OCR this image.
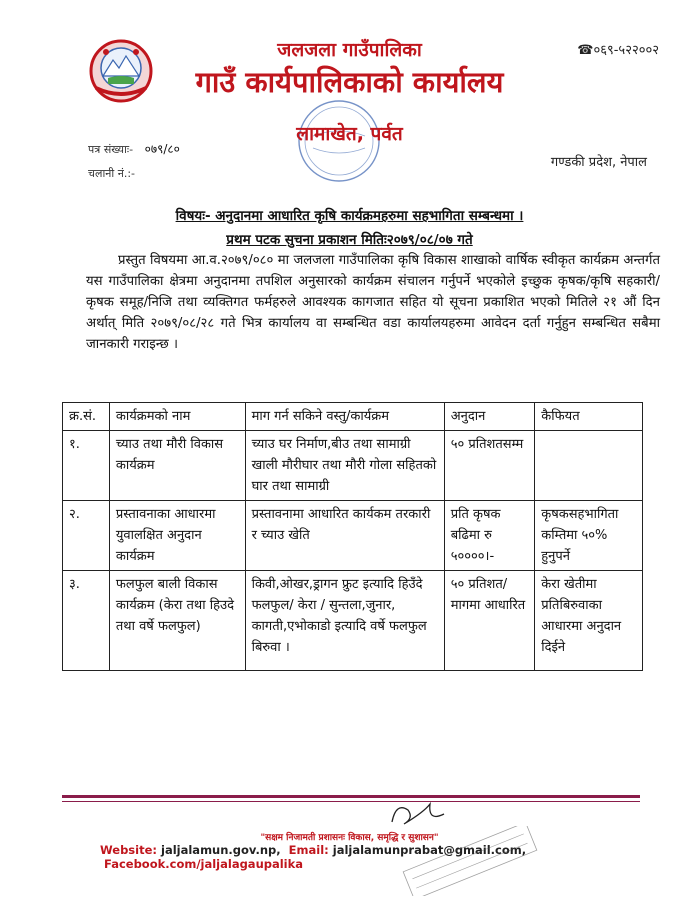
जलजला गाउँपालिका
गाउँ कार्यपालिकाको कार्यालय
☎०६९-५२२००२
लामाखेत, पर्वत
पत्र संख्याः- ०७९/८०
चलानी नं.:-
गण्डकी प्रदेश, नेपाल
विषयः- अनुदानमा आधारित कृषि कार्यक्रमहरुमा सहभागिता सम्बन्धमा ।
प्रथम पटक सुचना प्रकाशन मितिः२०७९/०८/०७ गते
प्रस्तुत विषयमा आ.व.२०७९/०८० मा जलजला गाउँपालिका कृषि विकास शाखाको वार्षिक स्वीकृत कार्यक्रम अन्तर्गत यस गाउँपालिका क्षेत्रमा अनुदानमा तपशिल अनुसारको कार्यक्रम संचालन गर्नुपर्ने भएकोले इच्छुक कृषक/कृषि सहकारी/कृषक समूह/निजि तथा व्यक्तिगत फर्महरुले आवश्यक कागजात सहित यो सूचना प्रकाशित भएको मितिले २१ औं दिन अर्थात् मिति २०७९/०८/२८ गते भित्र कार्यालय वा सम्बन्धित वडा कार्यालयहरुमा आवेदन दर्ता गर्नुहुन सम्बन्धित सबैमा जानकारी गराइन्छ ।
क्र.सं.	कार्यक्रमको नाम	माग गर्न सकिने वस्तु/कार्यक्रम	अनुदान	कैफियत
१.	च्याउ तथा मौरी विकास कार्यक्रम	च्याउ घर निर्माण,बीउ तथा सामाग्री खाली मौरीघार तथा मौरी गोला सहितको घार तथा सामाग्री	५० प्रतिशतसम्म	
२.	प्रस्तावनाका आधारमा युवालक्षित अनुदान कार्यक्रम	प्रस्तावनामा आधारित कार्यकम तरकारी र च्याउ खेति	प्रति कृषक बढिमा रु ५००००।-	कृषकसहभागिता कम्तिमा ५०% हुनुपर्ने
३.	फलफुल बाली विकास कार्यक्रम (केरा तथा हिउदे तथा वर्षे फलफुल)	किवी,ओखर,ड्रागन फ्रुट इत्यादि हिउँदे फलफुल/ केरा / सुन्तला,जुनार, कागती,एभोकाडो इत्यादि वर्षे फलफुल बिरुवा ।	५० प्रतिशत/ मागमा आधारित	केरा खेतीमा प्रतिबिरुवाका आधारमा अनुदान दिईने
"सक्षम निजामती प्रशासनः विकास, समृद्धि र सुशासन"
Website: jaljalamun.gov.np, Email: jaljalamunprabat@gmail.com,  Facebook.com/jaljalagaupalika
